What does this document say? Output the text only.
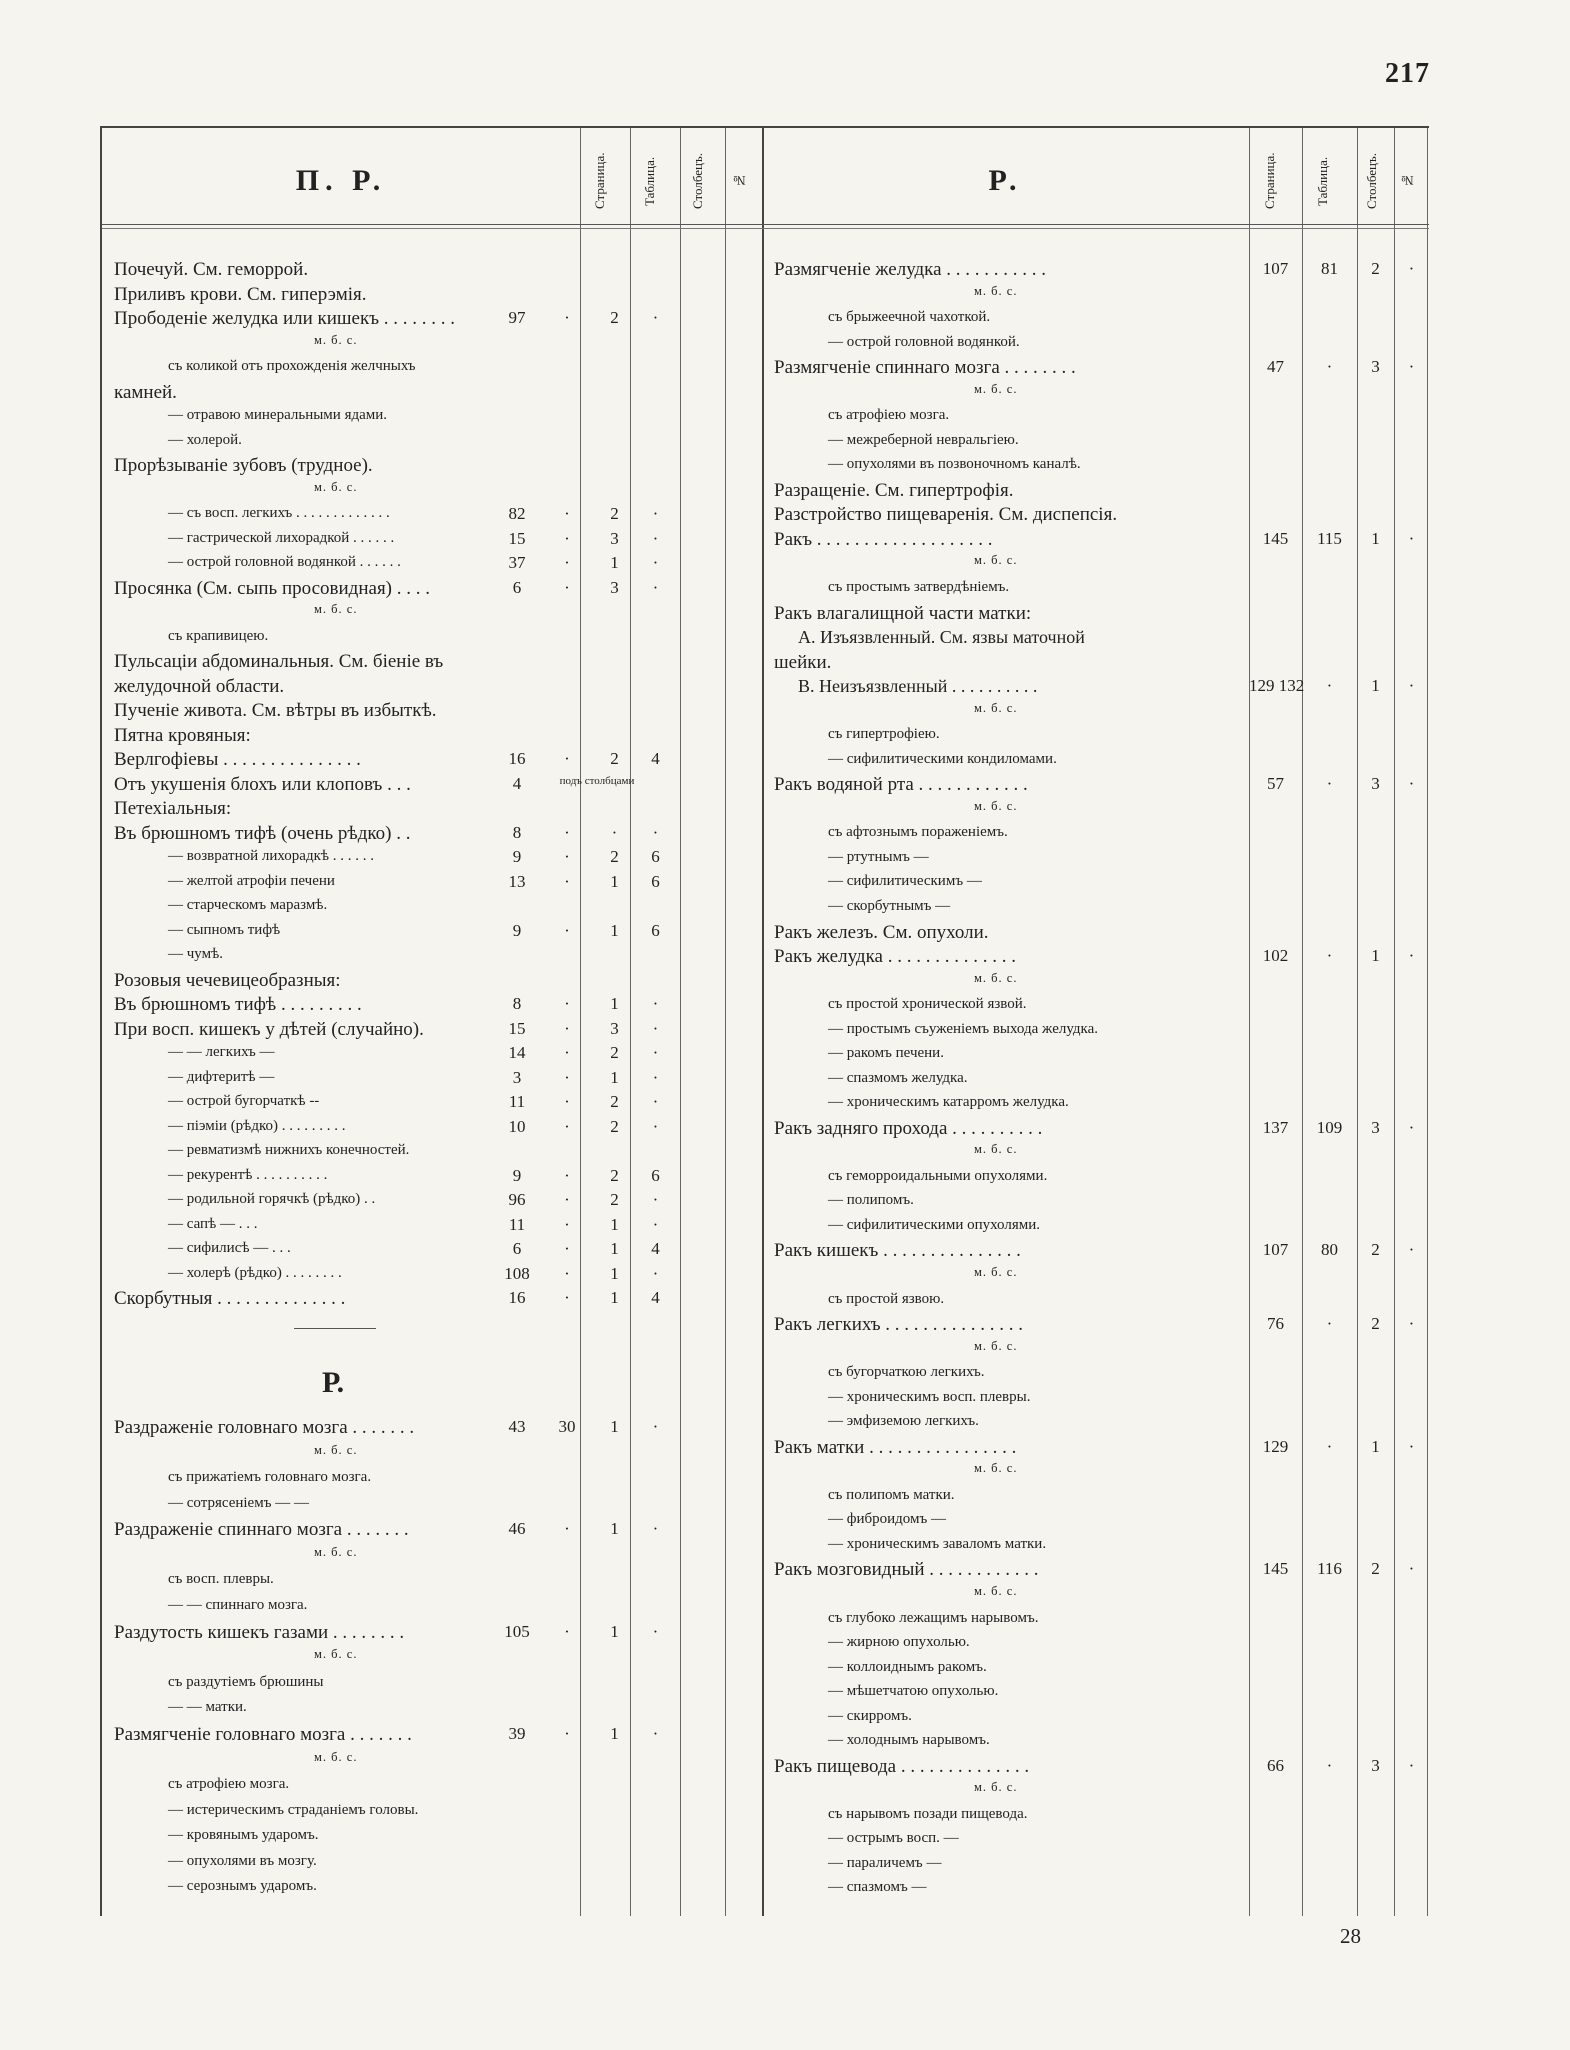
217
П. Р.	Страница.	Таблица.	Столбецъ.	№	Р.	Страница.	Таблица.	Столбецъ.	№
Почечуй. См. геморрой.
Приливъ крови. См. гиперэмія.
Прободеніе желудка или кишекъ . . . . . . . .	97	·	2	·
м. б. с.
съ коликой отъ прохожденія желчныхъ
камней.
— отравою минеральными ядами.
— холерой.
Прорѣзываніе зубовъ (трудное).
м. б. с.
— съ восп. легкихъ . . . . . . . . . . . . .	82	·	2	·
— гастрической лихорадкой . . . . . .	15	·	3	·
— острой головной водянкой . . . . . .	37	·	1	·
Просянка (См. сыпь просовидная) . . . .	6	·	3	·
м. б. с.
съ крапивицею.
Пульсаціи абдоминальныя. См. біеніе въ
желудочной области.
Пученіе живота. См. вѣтры въ избыткѣ.
Пятна кровяныя:
Верлгофіевы . . . . . . . . . . . . . . .	16	·	2	4
Отъ укушенія блохъ или клоповъ . . .	4	подъ столбцами
Петехіальныя:
Въ брюшномъ тифѣ (очень рѣдко) . .	8	·	·	·
— возвратной лихорадкѣ . . . . . .	9	·	2	6
— желтой атрофіи печени	13	·	1	6
— старческомъ маразмѣ.
— сыпномъ тифѣ	9	·	1	6
— чумѣ.
Розовыя чечевицеобразныя:
Въ брюшномъ тифѣ . . . . . . . . .	8	·	1	·
При восп. кишекъ у дѣтей (случайно).	15	·	3	·
— — легкихъ —	14	·	2	·
— дифтеритѣ —	3	·	1	·
— острой бугорчаткѣ --	11	·	2	·
— піэміи (рѣдко) . . . . . . . . .	10	·	2	·
— ревматизмѣ нижнихъ конечностей.
— рекурентѣ . . . . . . . . . .	9	·	2	6
— родильной горячкѣ (рѣдко) . .	96	·	2	·
— сапѣ — . . .	11	·	1	·
— сифилисѣ — . . .	6	·	1	4
— холерѣ (рѣдко) . . . . . . . .	108	·	1	·
Скорбутныя . . . . . . . . . . . . . .	16	·	1	4
Р.
Раздраженіе головнаго мозга . . . . . . .	43	30	1	·
м. б. с.
съ прижатіемъ головнаго мозга.
— сотрясеніемъ — —
Раздраженіе спиннаго мозга . . . . . . .	46	·	1	·
м. б. с.
съ восп. плевры.
— — спиннаго мозга.
Раздутость кишекъ газами . . . . . . . .	105	·	1	·
м. б. с.
съ раздутіемъ брюшины
— — матки.
Размягченіе головнаго мозга . . . . . . .	39	·	1	·
м. б. с.
съ атрофіею мозга.
— истерическимъ страданіемъ головы.
— кровянымъ ударомъ.
— опухолями въ мозгу.
— серознымъ ударомъ.
Размягченіе желудка . . . . . . . . . . .	107	81	2	·
м. б. с.
съ брыжеечной чахоткой.
— острой головной водянкой.
Размягченіе спиннаго мозга . . . . . . . .	47	·	3	·
м. б. с.
съ атрофіею мозга.
— межреберной невральгіею.
— опухолями въ позвоночномъ каналѣ.
Разращеніе. См. гипертрофія.
Разстройство пищеваренія. См. диспепсія.
Ракъ . . . . . . . . . . . . . . . . . . .	145	115	1	·
м. б. с.
съ простымъ затвердѣніемъ.
Ракъ влагалищной части матки:
А. Изъязвленный. См. язвы маточной
шейки.
В. Неизъязвленный . . . . . . . . . .	129 132	·	1	·
м. б. с.
съ гипертрофіею.
— сифилитическими кондиломами.
Ракъ водяной рта . . . . . . . . . . . .	57	·	3	·
м. б. с.
съ афтознымъ пораженіемъ.
— ртутнымъ —
— сифилитическимъ —
— скорбутнымъ —
Ракъ железъ. См. опухоли.
Ракъ желудка . . . . . . . . . . . . . .	102	·	1	·
м. б. с.
съ простой хронической язвой.
— простымъ съуженіемъ выхода желудка.
— ракомъ печени.
— спазмомъ желудка.
— хроническимъ катарромъ желудка.
Ракъ задняго прохода . . . . . . . . . .	137	109	3	·
м. б. с.
съ геморроидальными опухолями.
— полипомъ.
— сифилитическими опухолями.
Ракъ кишекъ . . . . . . . . . . . . . . .	107	80	2	·
м. б. с.
съ простой язвою.
Ракъ легкихъ . . . . . . . . . . . . . . .	76	·	2	·
м. б. с.
съ бугорчаткою легкихъ.
— хроническимъ восп. плевры.
— эмфиземою легкихъ.
Ракъ матки . . . . . . . . . . . . . . . .	129	·	1	·
м. б. с.
съ полипомъ матки.
— фиброидомъ —
— хроническимъ заваломъ матки.
Ракъ мозговидный . . . . . . . . . . . .	145	116	2	·
м. б. с.
съ глубоко лежащимъ нарывомъ.
— жирною опухолью.
— коллоиднымъ ракомъ.
— мѣшетчатою опухолью.
— скирромъ.
— холоднымъ нарывомъ.
Ракъ пищевода . . . . . . . . . . . . . .	66	·	3	·
м. б. с.
съ нарывомъ позади пищевода.
— острымъ восп. —
— параличемъ —
— спазмомъ —
28
